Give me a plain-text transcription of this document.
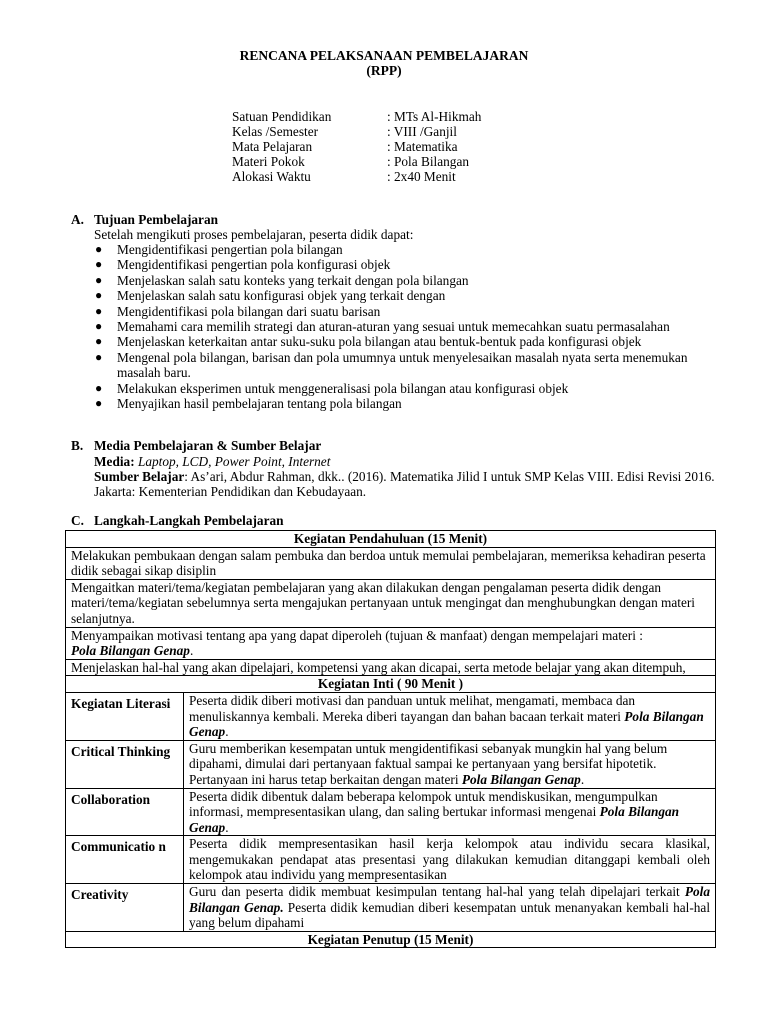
RENCANA PELAKSANAAN PEMBELAJARAN
(RPP)
Satuan Pendidikan	: MTs Al-Hikmah
Kelas /Semester	: VIII /Ganjil
Mata Pelajaran	: Matematika
Materi Pokok	: Pola Bilangan
Alokasi Waktu	: 2x40 Menit
A. Tujuan Pembelajaran
Setelah mengikuti proses pembelajaran, peserta didik dapat:
● Mengidentifikasi pengertian pola bilangan
● Mengidentifikasi pengertian pola konfigurasi objek
● Menjelaskan salah satu konteks yang terkait dengan pola bilangan
● Menjelaskan salah satu konfigurasi objek yang terkait dengan
● Mengidentifikasi pola bilangan dari suatu barisan
● Memahami cara memilih strategi dan aturan-aturan yang sesuai untuk memecahkan suatu permasalahan
● Menjelaskan keterkaitan antar suku-suku pola bilangan atau bentuk-bentuk pada konfigurasi objek
● Mengenal pola bilangan, barisan dan pola umumnya untuk menyelesaikan masalah nyata serta menemukan masalah baru.
● Melakukan eksperimen untuk menggeneralisasi pola bilangan atau konfigurasi objek
● Menyajikan hasil pembelajaran tentang pola bilangan
B. Media Pembelajaran & Sumber Belajar
Media: Laptop, LCD, Power Point, Internet
Sumber Belajar: As’ari, Abdur Rahman, dkk.. (2016). Matematika Jilid I untuk SMP Kelas VIII. Edisi Revisi 2016. Jakarta: Kementerian Pendidikan dan Kebudayaan.
C. Langkah-Langkah Pembelajaran
Kegiatan Pendahuluan (15 Menit)	
Melakukan pembukaan dengan salam pembuka dan berdoa untuk memulai pembelajaran, memeriksa kehadiran peserta didik sebagai sikap disiplin	
Mengaitkan materi/tema/kegiatan pembelajaran yang akan dilakukan dengan pengalaman peserta didik dengan materi/tema/kegiatan sebelumnya serta mengajukan pertanyaan untuk mengingat dan menghubungkan dengan materi selanjutnya.	
Menyampaikan motivasi tentang apa yang dapat diperoleh (tujuan & manfaat) dengan mempelajari materi :
Pola Bilangan Genap.	
Menjelaskan hal-hal yang akan dipelajari, kompetensi yang akan dicapai, serta metode belajar yang akan ditempuh,	
Kegiatan Inti ( 90 Menit )	
Kegiatan Literasi	Peserta didik diberi motivasi dan panduan untuk melihat, mengamati, membaca dan menuliskannya kembali. Mereka diberi tayangan dan bahan bacaan terkait materi Pola Bilangan Genap.
Critical Thinking	Guru memberikan kesempatan untuk mengidentifikasi sebanyak mungkin hal yang belum dipahami, dimulai dari pertanyaan faktual sampai ke pertanyaan yang bersifat hipotetik. Pertanyaan ini harus tetap berkaitan dengan materi Pola Bilangan Genap.
Collaboration	Peserta didik dibentuk dalam beberapa kelompok untuk mendiskusikan, mengumpulkan informasi, mempresentasikan ulang, dan saling bertukar informasi mengenai Pola Bilangan Genap.
Communicatio n	Peserta didik mempresentasikan hasil kerja kelompok atau individu secara klasikal, mengemukakan pendapat atas presentasi yang dilakukan kemudian ditanggapi kembali oleh kelompok atau individu yang mempresentasikan
Creativity	Guru dan peserta didik membuat kesimpulan tentang hal-hal yang telah dipelajari terkait Pola Bilangan Genap. Peserta didik kemudian diberi kesempatan untuk menanyakan kembali hal-hal yang belum dipahami
Kegiatan Penutup (15 Menit)	
